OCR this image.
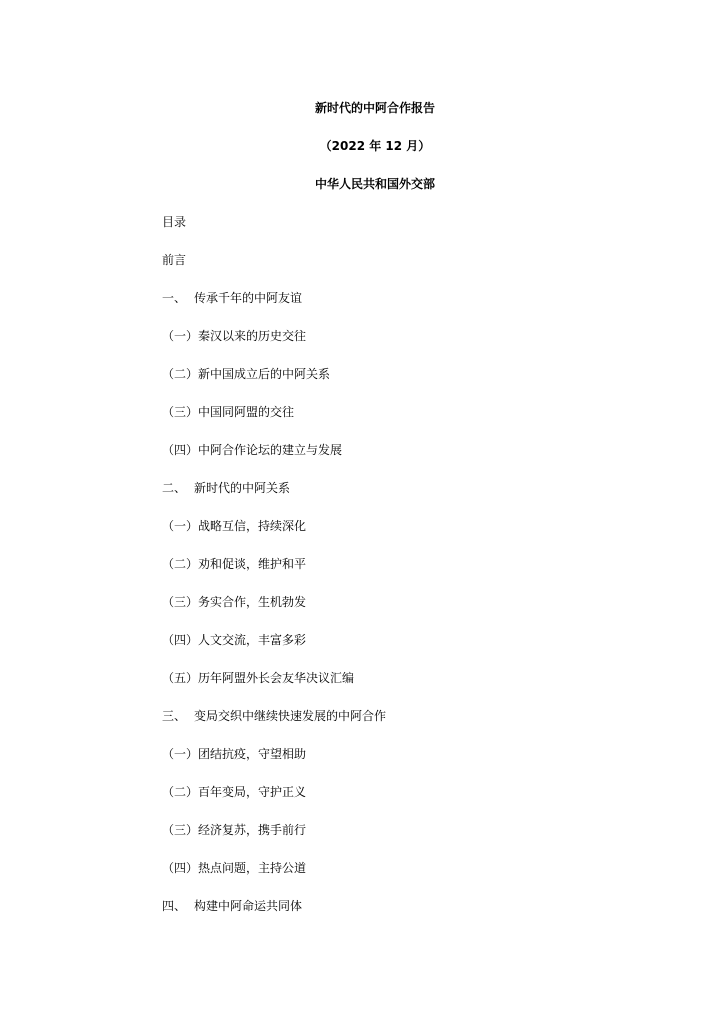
新时代的中阿合作报告
（2022 年 12 月）
中华人民共和国外交部
目录
前言
一、 传承千年的中阿友谊
（一）秦汉以来的历史交往
（二）新中国成立后的中阿关系
（三）中国同阿盟的交往
（四）中阿合作论坛的建立与发展
二、 新时代的中阿关系
（一）战略互信，持续深化
（二）劝和促谈，维护和平
（三）务实合作，生机勃发
（四）人文交流，丰富多彩
（五）历年阿盟外长会友华决议汇编
三、 变局交织中继续快速发展的中阿合作
（一）团结抗疫，守望相助
（二）百年变局，守护正义
（三）经济复苏，携手前行
（四）热点问题，主持公道
四、 构建中阿命运共同体
